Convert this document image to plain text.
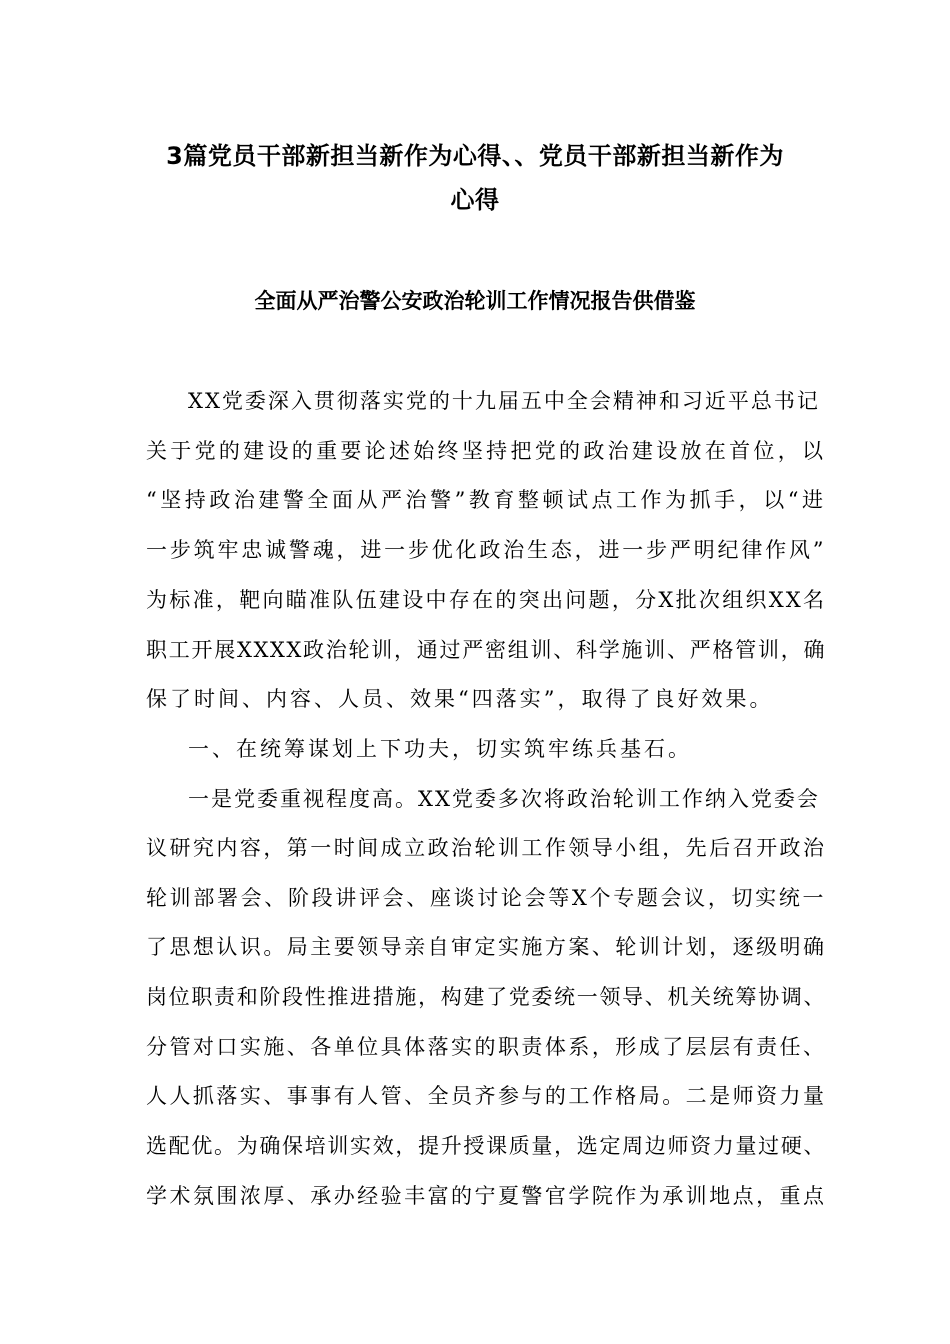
3篇党员干部新担当新作为心得、、党员干部新担当新作为
心得
全面从严治警公安政治轮训工作情况报告供借鉴
XX党委深入贯彻落实党的十九届五中全会精神和习近平总书记
关于党的建设的重要论述始终坚持把党的政治建设放在首位，以
“坚持政治建警全面从严治警”教育整顿试点工作为抓手，以“进
一步筑牢忠诚警魂，进一步优化政治生态，进一步严明纪律作风”
为标准，靶向瞄准队伍建设中存在的突出问题，分X批次组织XX名
职工开展XXXX政治轮训，通过严密组训、科学施训、严格管训，确
保了时间、内容、人员、效果“四落实”，取得了良好效果。
一、在统筹谋划上下功夫，切实筑牢练兵基石。
一是党委重视程度高。XX党委多次将政治轮训工作纳入党委会
议研究内容，第一时间成立政治轮训工作领导小组，先后召开政治
轮训部署会、阶段讲评会、座谈讨论会等X个专题会议，切实统一
了思想认识。局主要领导亲自审定实施方案、轮训计划，逐级明确
岗位职责和阶段性推进措施，构建了党委统一领导、机关统筹协调、
分管对口实施、各单位具体落实的职责体系，形成了层层有责任、
人人抓落实、事事有人管、全员齐参与的工作格局。二是师资力量
选配优。为确保培训实效，提升授课质量，选定周边师资力量过硬、
学术氛围浓厚、承办经验丰富的宁夏警官学院作为承训地点，重点
